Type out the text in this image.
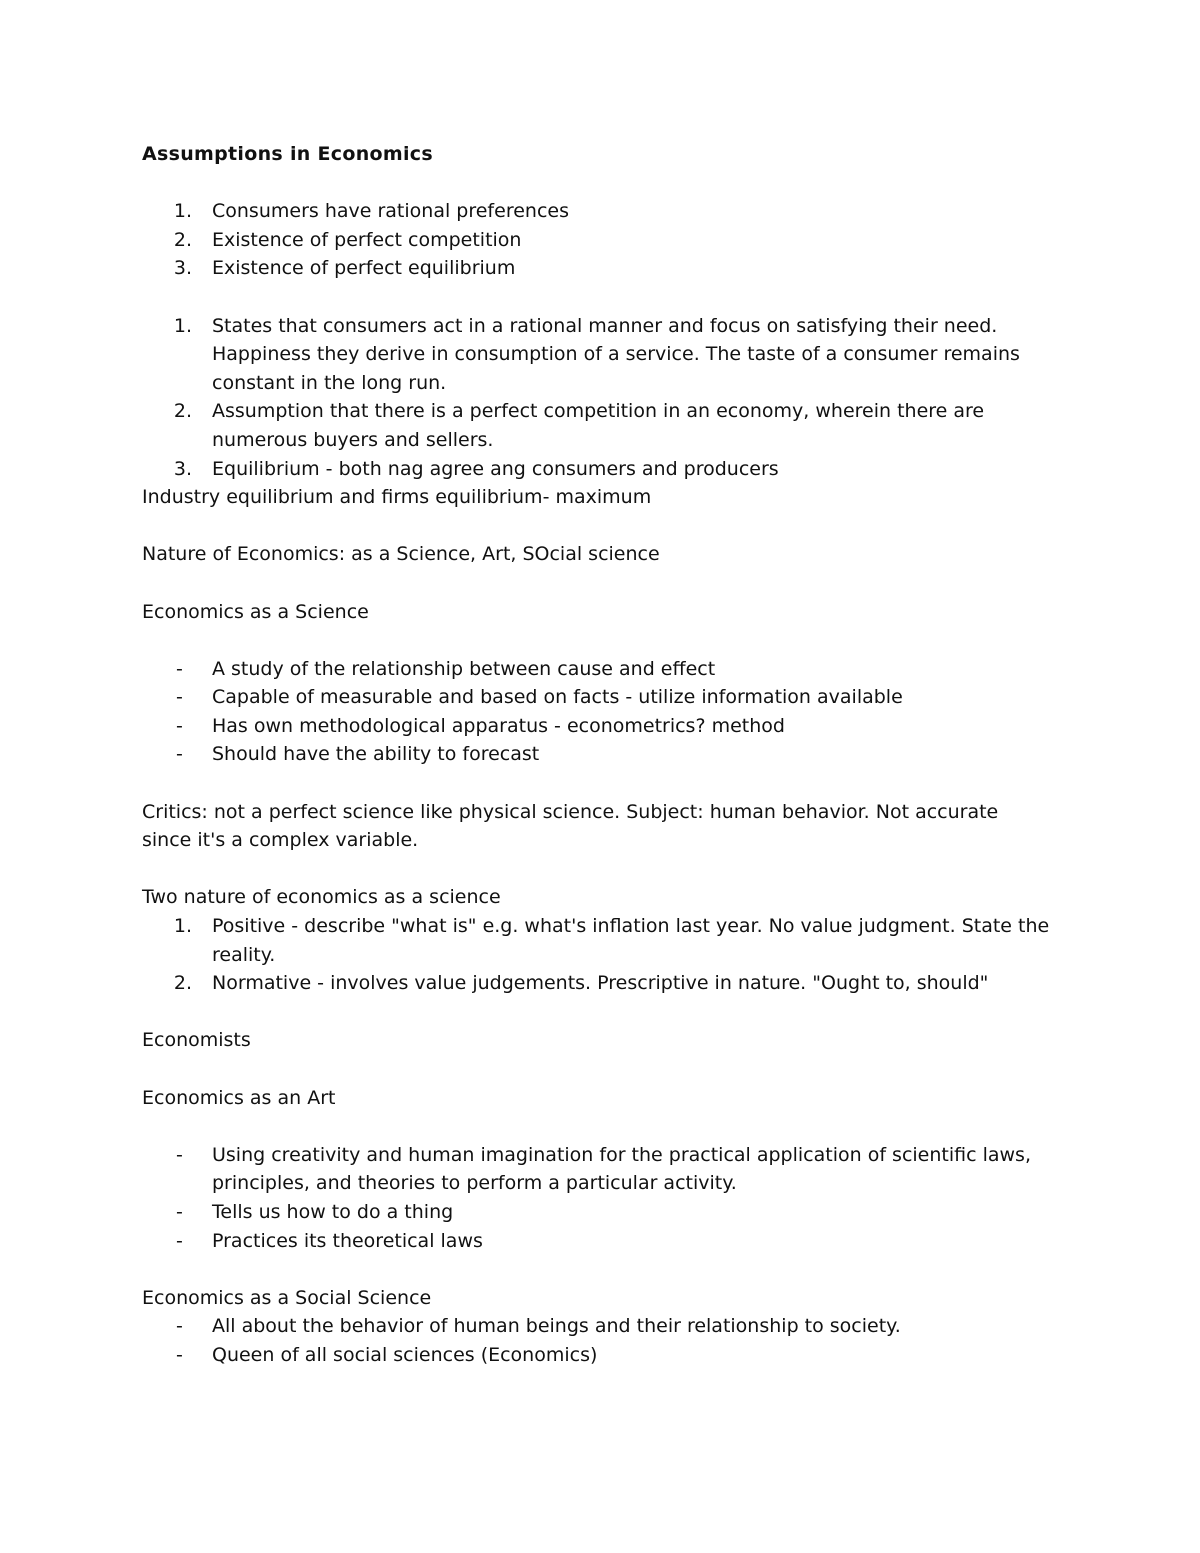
Assumptions in Economics

1. Consumers have rational preferences
2. Existence of perfect competition
3. Existence of perfect equilibrium
1. States that consumers act in a rational manner and focus on satisfying their need. Happiness they derive in consumption of a service. The taste of a consumer remains constant in the long run.
2. Assumption that there is a perfect competition in an economy, wherein there are numerous buyers and sellers.
3. Equilibrium - both nag agree ang consumers and producers

Industry equilibrium and firms equilibrium- maximum

Nature of Economics: as a Science, Art, SOcial science

Economics as a Science

- A study of the relationship between cause and effect
- Capable of measurable and based on facts - utilize information available
- Has own methodological apparatus - econometrics? method
- Should have the ability to forecast

Critics: not a perfect science like physical science. Subject: human behavior. Not accurate since it's a complex variable.

Two nature of economics as a science

1. Positive - describe "what is" e.g. what's inflation last year. No value judgment. State the reality.
2. Normative - involves value judgements. Prescriptive in nature. "Ought to, should"

Economists

Economics as an Art

- Using creativity and human imagination for the practical application of scientific laws, principles, and theories to perform a particular activity.
- Tells us how to do a thing
- Practices its theoretical laws

Economics as a Social Science

- All about the behavior of human beings and their relationship to society.
- Queen of all social sciences (Economics)
